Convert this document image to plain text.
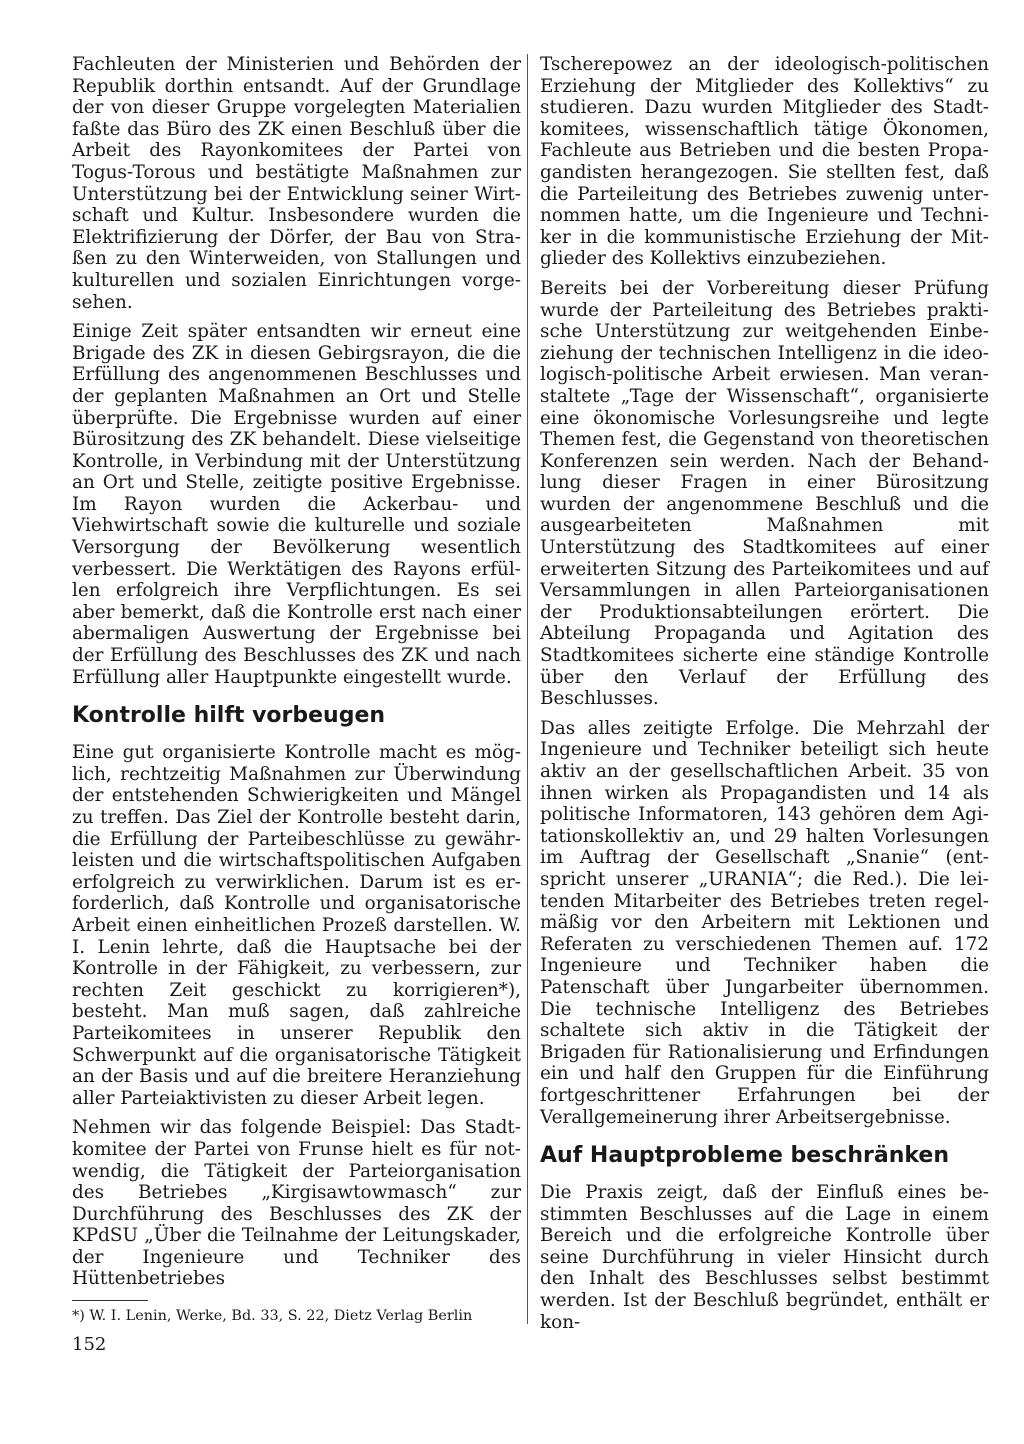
Fachleuten der Ministerien und Behörden der Republik dorthin entsandt. Auf der Grundlage der von dieser Gruppe vorgelegten Materialien faßte das Büro des ZK einen Beschluß über die Arbeit des Rayonkomitees der Partei von Togus-Torous und bestätigte Maßnahmen zur Unterstützung bei der Entwicklung seiner Wirtschaft und Kultur. Insbesondere wurden die Elektrifizierung der Dörfer, der Bau von Straßen zu den Winterweiden, von Stallungen und kulturellen und sozialen Einrichtungen vorgesehen.

Einige Zeit später entsandten wir erneut eine Brigade des ZK in diesen Gebirgsrayon, die die Erfüllung des angenommenen Beschlusses und der geplanten Maßnahmen an Ort und Stelle überprüfte. Die Ergebnisse wurden auf einer Bürositzung des ZK behandelt. Diese vielseitige Kontrolle, in Verbindung mit der Unterstützung an Ort und Stelle, zeitigte positive Ergebnisse. Im Rayon wurden die Ackerbau- und Viehwirtschaft sowie die kulturelle und soziale Versorgung der Bevölkerung wesentlich verbessert. Die Werktätigen des Rayons erfüllen erfolgreich ihre Verpflichtungen. Es sei aber bemerkt, daß die Kontrolle erst nach einer abermaligen Auswertung der Ergebnisse bei der Erfüllung des Beschlusses des ZK und nach Erfüllung aller Hauptpunkte eingestellt wurde.

Kontrolle hilft vorbeugen

Eine gut organisierte Kontrolle macht es möglich, rechtzeitig Maßnahmen zur Überwindung der entstehenden Schwierigkeiten und Mängel zu treffen. Das Ziel der Kontrolle besteht darin, die Erfüllung der Parteibeschlüsse zu gewährleisten und die wirtschaftspolitischen Aufgaben erfolgreich zu verwirklichen. Darum ist es erforderlich, daß Kontrolle und organisatorische Arbeit einen einheitlichen Prozeß darstellen. W. I. Lenin lehrte, daß die Hauptsache bei der Kontrolle in der Fähigkeit, zu verbessern, zur rechten Zeit geschickt zu korrigieren*), besteht. Man muß sagen, daß zahlreiche Parteikomitees in unserer Republik den Schwerpunkt auf die organisatorische Tätigkeit an der Basis und auf die breitere Heranziehung aller Parteiaktivisten zu dieser Arbeit legen.

Nehmen wir das folgende Beispiel: Das Stadtkomitee der Partei von Frunse hielt es für notwendig, die Tätigkeit der Parteiorganisation des Betriebes „Kirgisawtowmasch“ zur Durchführung des Beschlusses des ZK der KPdSU „Über die Teilnahme der Leitungskader, der Ingenieure und Techniker des Hüttenbetriebes

*) W. I. Lenin, Werke, Bd. 33, S. 22, Dietz Verlag Berlin

Tscherepowez an der ideologisch-politischen Erziehung der Mitglieder des Kollektivs“ zu studieren. Dazu wurden Mitglieder des Stadtkomitees, wissenschaftlich tätige Ökonomen, Fachleute aus Betrieben und die besten Propagandisten herangezogen. Sie stellten fest, daß die Parteileitung des Betriebes zuwenig unternommen hatte, um die Ingenieure und Techniker in die kommunistische Erziehung der Mitglieder des Kollektivs einzubeziehen.

Bereits bei der Vorbereitung dieser Prüfung wurde der Parteileitung des Betriebes praktische Unterstützung zur weitgehenden Einbeziehung der technischen Intelligenz in die ideologisch-politische Arbeit erwiesen. Man veranstaltete „Tage der Wissenschaft“, organisierte eine ökonomische Vorlesungsreihe und legte Themen fest, die Gegenstand von theoretischen Konferenzen sein werden. Nach der Behandlung dieser Fragen in einer Bürositzung wurden der angenommene Beschluß und die ausgearbeiteten Maßnahmen mit Unterstützung des Stadtkomitees auf einer erweiterten Sitzung des Parteikomitees und auf Versammlungen in allen Parteiorganisationen der Produktionsabteilungen erörtert. Die Abteilung Propaganda und Agitation des Stadtkomitees sicherte eine ständige Kontrolle über den Verlauf der Erfüllung des Beschlusses.

Das alles zeitigte Erfolge. Die Mehrzahl der Ingenieure und Techniker beteiligt sich heute aktiv an der gesellschaftlichen Arbeit. 35 von ihnen wirken als Propagandisten und 14 als politische Informatoren, 143 gehören dem Agitationskollektiv an, und 29 halten Vorlesungen im Auftrag der Gesellschaft „Snanie“ (entspricht unserer „URANIA“; die Red.). Die leitenden Mitarbeiter des Betriebes treten regelmäßig vor den Arbeitern mit Lektionen und Referaten zu verschiedenen Themen auf. 172 Ingenieure und Techniker haben die Patenschaft über Jungarbeiter übernommen. Die technische Intelligenz des Betriebes schaltete sich aktiv in die Tätigkeit der Brigaden für Rationalisierung und Erfindungen ein und half den Gruppen für die Einführung fortgeschrittener Erfahrungen bei der Verallgemeinerung ihrer Arbeitsergebnisse.

Auf Hauptprobleme beschränken

Die Praxis zeigt, daß der Einfluß eines bestimmten Beschlusses auf die Lage in einem Bereich und die erfolgreiche Kontrolle über seine Durchführung in vieler Hinsicht durch den Inhalt des Beschlusses selbst bestimmt werden. Ist der Beschluß begründet, enthält er kon-

152
